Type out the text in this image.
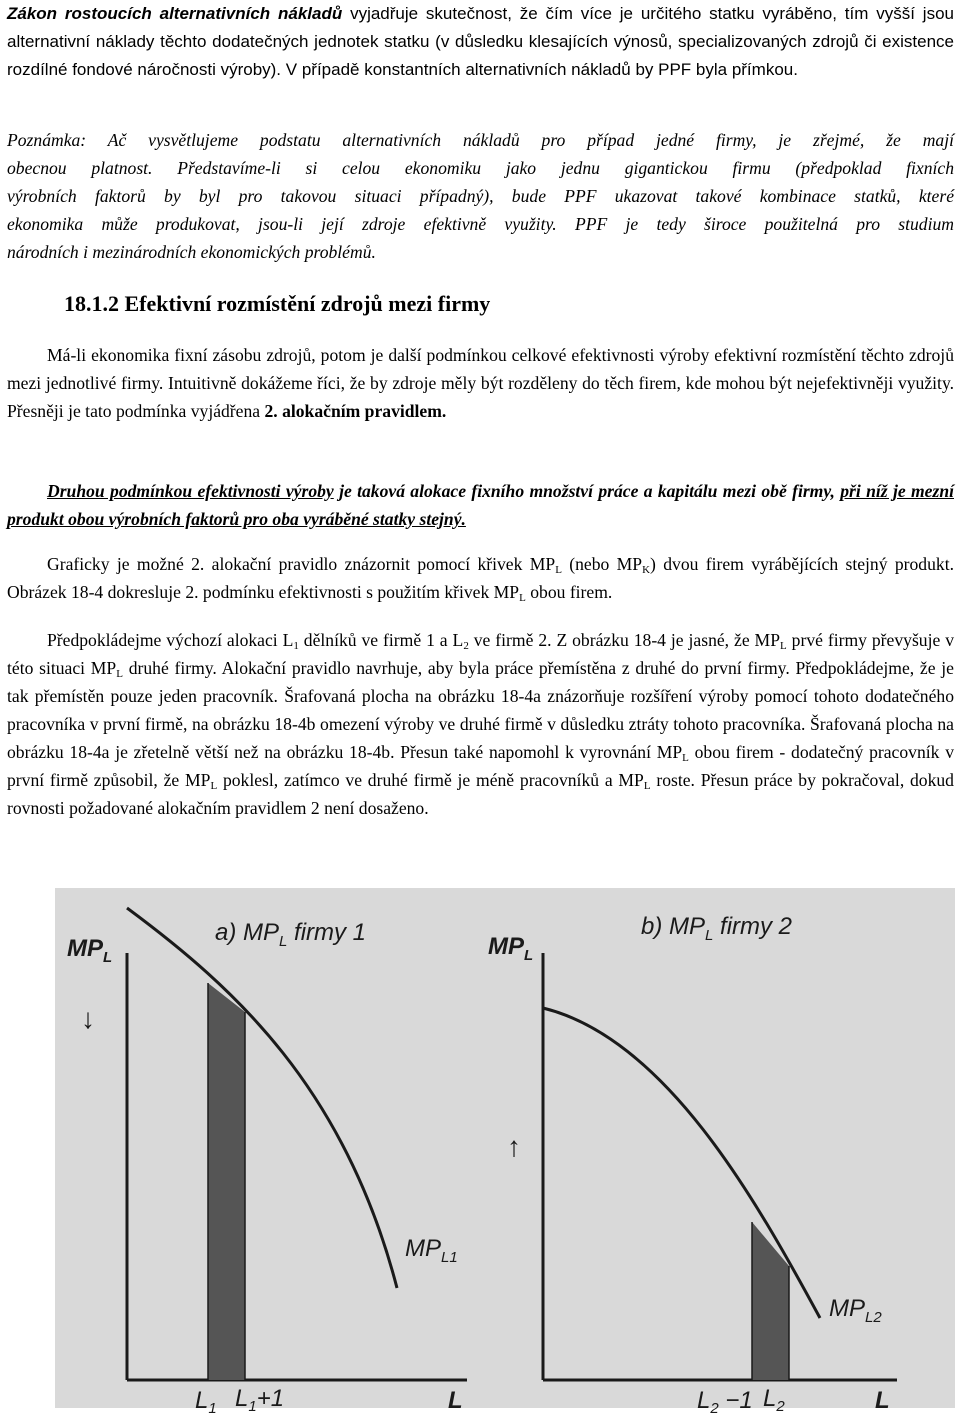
Zákon rostoucích alternativních nákladů vyjadřuje skutečnost, že čím více je určitého statku vyráběno, tím vyšší jsou alternativní náklady těchto dodatečných jednotek statku (v důsledku klesajících výnosů, specializovaných zdrojů či existence rozdílné fondové náročnosti výroby). V případě konstantních alternativních nákladů by PPF byla přímkou.

Poznámka: Ač vysvětlujeme podstatu alternativních nákladů pro případ jedné firmy, je zřejmé, že mají
obecnou platnost. Představíme-li si celou ekonomiku jako jednu gigantickou firmu (předpoklad fixních
výrobních faktorů by byl pro takovou situaci případný), bude PPF ukazovat takové kombinace statků, které
ekonomika může produkovat, jsou-li její zdroje efektivně využity. PPF je tedy široce použitelná pro studium
národních i mezinárodních ekonomických problémů.
18.1.2 Efektivní rozmístění zdrojů mezi firmy

Má-li ekonomika fixní zásobu zdrojů, potom je další podmínkou celkové efektivnosti výroby efektivní rozmístění těchto zdrojů mezi jednotlivé firmy. Intuitivně dokážeme říci, že by zdroje měly být rozděleny do těch firem, kde mohou být nejefektivněji využity. Přesněji je tato podmínka vyjádřena 2. alokačním pravidlem.

Druhou podmínkou efektivnosti výroby je taková alokace fixního množství práce a kapitálu mezi obě firmy, při níž je mezní produkt obou výrobních faktorů pro oba vyráběné statky stejný.

Graficky je možné 2. alokační pravidlo znázornit pomocí křivek $MP_L$ (nebo $MP_K$) dvou firem vyrábějících stejný produkt. Obrázek 18-4 dokresluje 2. podmínku efektivnosti s použitím křivek $MP_L$ obou firem.

Předpokládejme výchozí alokaci $L_1$ dělníků ve firmě 1 a $L_2$ ve firmě 2. Z obrázku 18-4 je jasné, že $MP_L$ prvé firmy převyšuje v této situaci $MP_L$ druhé firmy. Alokační pravidlo navrhuje, aby byla práce přemístěna z druhé do první firmy. Předpokládejme, že je tak přemístěn pouze jeden pracovník. Šrafovaná plocha na obrázku 18-4a znázorňuje rozšíření výroby pomocí tohoto dodatečného pracovníka v první firmě, na obrázku 18-4b omezení výroby ve druhé firmě v důsledku ztráty tohoto pracovníka. Šrafovaná plocha na obrázku 18-4a je zřetelně větší než na obrázku 18-4b. Přesun také napomohl k vyrovnání $MP_L$ obou firem - dodatečný pracovník v první firmě způsobil, že $MP_L$ poklesl, zatímco ve druhé firmě je méně pracovníků a $MP_L$ roste. Přesun práce by pokračoval, dokud rovnosti požadované alokačním pravidlem 2 není dosaženo.

a) $MP_L$ firmy 1
$MP_L$
↓
$MP_{L1}$
$L_1$ $L_1+1$	L
b) $MP_L$ firmy 2
$MP_L$
↑
$MP_{L2}$
$L_2 -1$ $L_2$	L
